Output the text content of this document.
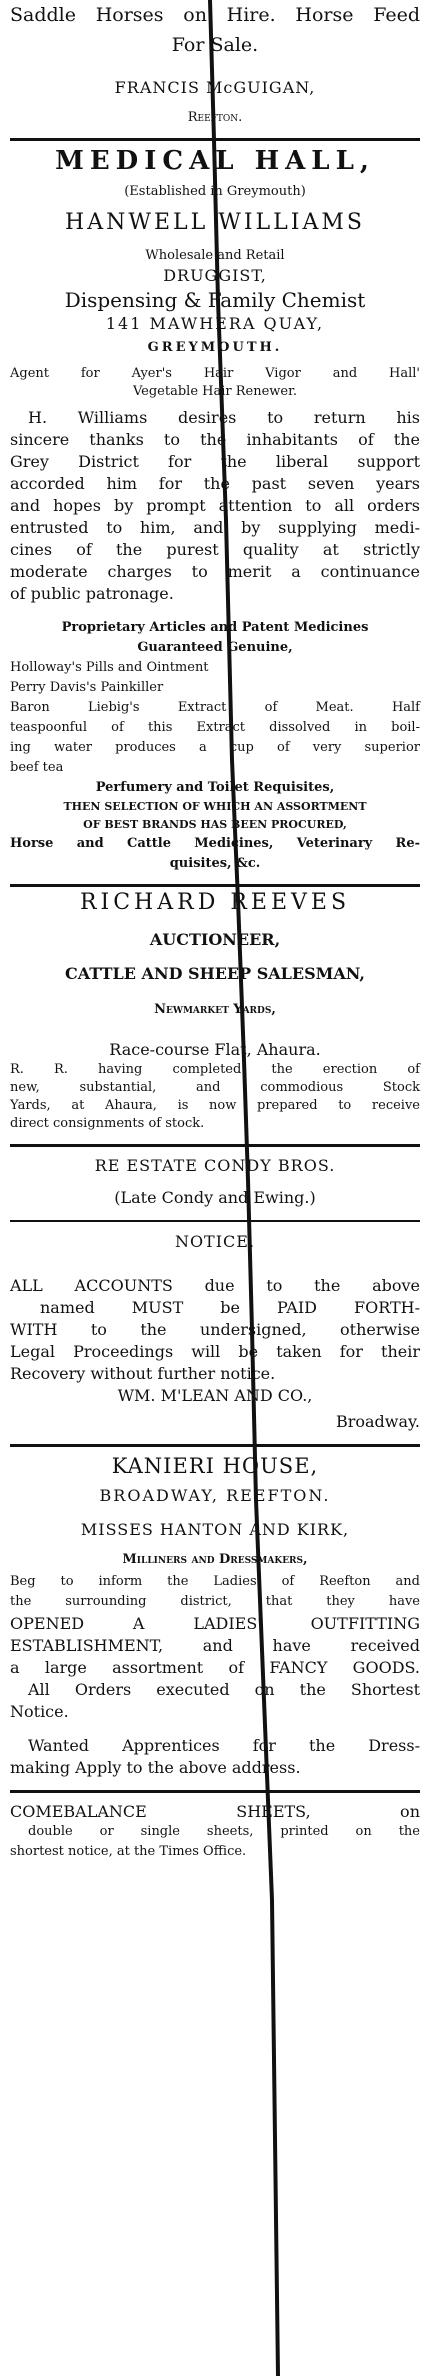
Saddle Horses on Hire. Horse Feed
For Sale.
FRANCIS McGUIGAN,
Reefton.
MEDICAL HALL,
(Established in Greymouth)
HANWELL WILLIAMS
Wholesale and Retail
DRUGGIST,
Dispensing & Family Chemist
141 MAWHERA QUAY,
GREYMOUTH.
Agent for Ayer's Hair Vigor and Hall'
Vegetable Hair Renewer.
H. Williams desires to return his
sincere thanks to the inhabitants of the
Grey District for the liberal support
accorded him for the past seven years
and hopes by prompt attention to all orders
entrusted to him, and by supplying medi-
cines of the purest quality at strictly
moderate charges to merit a continuance
of public patronage.
Proprietary Articles and Patent Medicines
Guaranteed Genuine,
Holloway's Pills and Ointment
Perry Davis's Painkiller
Baron Liebig's Extract of Meat. Half
teaspoonful of this Extract dissolved in boil-
ing water produces a cup of very superior
beef tea
Perfumery and Toilet Requisites,
THEN SELECTION OF WHICH AN ASSORTMENT
OF BEST BRANDS HAS BEEN PROCURED,
Horse and Cattle Medicines, Veterinary Re-
quisites, &c.
RICHARD REEVES
AUCTIONEER,
CATTLE AND SHEEP SALESMAN,
Newmarket Yards,
Race-course Flat, Ahaura.
R. R. having completed the erection of
new, substantial, and commodious Stock
Yards, at Ahaura, is now prepared to receive
direct consignments of stock.
RE ESTATE CONDY BROS.
(Late Condy and Ewing.)
NOTICE.
ALL ACCOUNTS due to the above
named MUST be PAID FORTH-
WITH to the undersigned, otherwise
Legal Proceedings will be taken for their
Recovery without further notice.
WM. M'LEAN AND CO.,
Broadway.
KANIERI HOUSE,
BROADWAY, REEFTON.
MISSES HANTON AND KIRK,
Milliners and Dressmakers,
Beg to inform the Ladies of Reefton and
the surrounding district, that they have
OPENED A LADIES' OUTFITTING
ESTABLISHMENT, and have received
a large assortment of FANCY GOODS.
All Orders executed on the Shortest
Notice.
Wanted Apprentices for the Dress-
making Apply to the above address.
COMEBALANCE SHEETS, on
double or single sheets, printed on the
shortest notice, at the Times Office.
